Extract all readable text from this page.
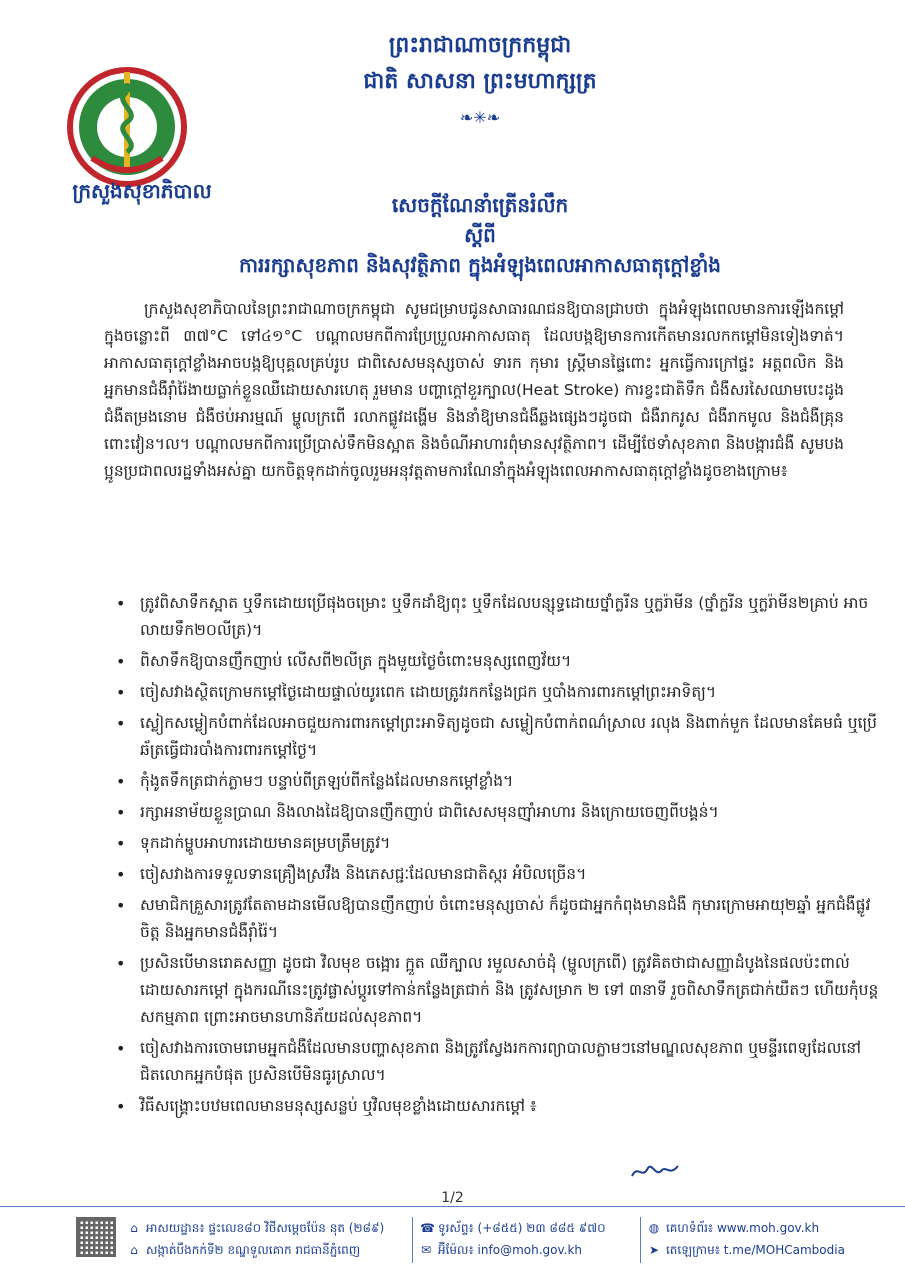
ក្រសួងសុខាភិបាល
ព្រះរាជាណាចក្រកម្ពុជា
ជាតិ សាសនា ព្រះមហាក្សត្រ
❧✳❧
សេចក្តីណែនាំត្រើនរំលឹក
ស្តីពី
ការរក្សាសុខភាព និងសុវត្ថិភាព ក្នុងអំឡុងពេលអាកាសធាតុក្តៅខ្លាំង
ក្រសួងសុខាភិបាលនៃព្រះរាជាណាចក្រកម្ពុជា សូមជម្រាបជូនសាធារណជនឱ្យបានជ្រាបថា ក្នុងអំឡុងពេលមានការឡើងកម្តៅក្នុងចន្លោះពី ៣៧°C ទៅ៤១°C បណ្តាលមកពីការប្រែប្រួលអាកាសធាតុ ដែលបង្កឱ្យមានការកើតមានរលកកម្តៅមិនទៀងទាត់។ អាកាសធាតុក្តៅខ្លាំងអាចបង្កឱ្យបុគ្គលគ្រប់រូប ជាពិសេសមនុស្សចាស់ ទារក កុមារ ស្ត្រីមានផ្ទៃពោះ អ្នកធ្វើការក្រៅផ្ទះ អត្តពលិក និងអ្នកមានជំងឺរ៉ាំរ៉ៃងាយធ្លាក់ខ្លួនឈឺដោយសារហេតុ រួមមាន បញ្ហាក្តៅខួរក្បាល(Heat Stroke) ការខ្វះជាតិទឹក ជំងឺសរសៃឈាមបេះដូង ជំងឺតម្រងនោម ជំងឺថប់អារម្មណ៍ ម្ហូលក្រពើ រលាកផ្លូវដង្ហើម និងនាំឱ្យមានជំងឺឆ្លងផ្សេងៗដូចជា ជំងឺរាករូស ជំងឺរាកមូល និងជំងឺគ្រុនពោះវៀន។ល។ បណ្តាលមកពីការប្រើប្រាស់ទឹកមិនស្អាត និងចំណីអាហារពុំមានសុវត្ថិភាព។ ដើម្បីថែទាំសុខភាព និងបង្ការជំងឺ សូមបងប្អូនប្រជាពលរដ្ឋទាំងអស់គ្នា យកចិត្តទុកដាក់ចូលរួមអនុវត្តតាមការណែនាំក្នុងអំឡុងពេលអាកាសធាតុក្តៅខ្លាំងដូចខាងក្រោម៖
• ត្រូវពិសាទឹកស្អាត ឬទឹកដោយប្រើផុងចម្រោះ ឬទឹកដាំឱ្យពុះ ឬទឹកដែលបន្សុទ្ធដោយថ្នាំក្លរីន ឬក្លរ៉ាមីន (ថ្នាំក្លរីន ឬក្លរ៉ាមីន២គ្រាប់ អាចលាយទឹក២០លីត្រ)។
• ពិសាទឹកឱ្យបានញឹកញាប់ លើសពី២លីត្រ ក្នុងមួយថ្ងៃចំពោះមនុស្សពេញវ័យ។
• ចៀសវាងស្ថិតក្រោមកម្តៅថ្ងៃដោយផ្ទាល់យូរពេក ដោយត្រូវរកកន្លែងជ្រក ឬបាំងការពារកម្តៅព្រះអាទិត្យ។
• ស្លៀកសម្លៀកបំពាក់ដែលអាចជួយការពារកម្តៅព្រះអាទិត្យដូចជា សម្លៀកបំពាក់ពណ៌ស្រាល រលុង និងពាក់មួក ដែលមានគែមធំ ឬប្រើឆ័ត្រធ្វើជារបាំងការពារកម្តៅថ្ងៃ។
• កុំងូតទឹកត្រជាក់ភ្លាមៗ បន្ទាប់ពីត្រឡប់ពីកន្លែងដែលមានកម្តៅខ្លាំង។
• រក្សាអនាម័យខ្លួនប្រាណ និងលាងដៃឱ្យបានញឹកញាប់ ជាពិសេសមុនញ៉ាំអាហារ និងក្រោយចេញពីបង្គន់។
• ទុកដាក់ម្ហូបអាហារដោយមានគម្របត្រឹមត្រូវ។
• ចៀសវាងការទទួលទានគ្រឿងស្រវឹង និងភេសជ្ជៈដែលមានជាតិស្ករ អំបិលច្រើន។
• សមាជិកគ្រួសារត្រូវតែតាមដានមើលឱ្យបានញឹកញាប់ ចំពោះមនុស្សចាស់ ក៏ដូចជាអ្នកកំពុងមានជំងឺ កុមារក្រោមអាយុ២ឆ្នាំ អ្នកជំងឺផ្លូវចិត្ត និងអ្នកមានជំងឺរ៉ាំរ៉ៃ។
• ប្រសិនបើមានរោគសញ្ញា ដូចជា វិលមុខ ចង្អោរ ក្អួត ឈឺក្បាល រមួលសាច់ដុំ (ម្ហូលក្រពើ) ត្រូវគិតថាជាសញ្ញាដំបូងនៃផលប៉ះពាល់ដោយសារកម្តៅ ក្នុងករណីនេះត្រូវផ្លាស់ប្តូរទៅកាន់កន្លែងត្រជាក់ និង ត្រូវសម្រាក ២ ទៅ ៣នាទី រួចពិសាទឹកត្រជាក់យឺតៗ ហើយកុំបន្តសកម្មភាព ព្រោះអាចមានហានិភ័យដល់សុខភាព។
• ចៀសវាងការចោមរោមអ្នកជំងឺដែលមានបញ្ហាសុខភាព និងត្រូវស្វែងរកការព្យាបាលភ្លាមៗនៅមណ្ឌលសុខភាព ឬមន្ទីរពេទ្យដែលនៅជិតលោកអ្នកបំផុត ប្រសិនបើមិនធូរស្រាល។
• វិធីសង្គ្រោះបឋមពេលមានមនុស្សសន្លប់ ឬវិលមុខខ្លាំងដោយសារកម្តៅ ៖
1/2
⌂ អាសយដ្ឋាន៖ ផ្ទះលេខ៨០ វិថីសម្តេចប៉ែន នុត (២៨៩)
⌂ សង្កាត់បឹងកក់ទី២ ខណ្ឌទួលគោក រាជធានីភ្នំពេញ
☎ ទូរស័ព្ទ៖ (+៨៥៥) ២៣ ៨៨៥ ៩៧០
✉ អ៊ីម៉ែល៖ info@moh.gov.kh
◍ គេហទំព័រ៖ www.moh.gov.kh
➤ តេឡេក្រាម៖ t.me/MOHCambodia
